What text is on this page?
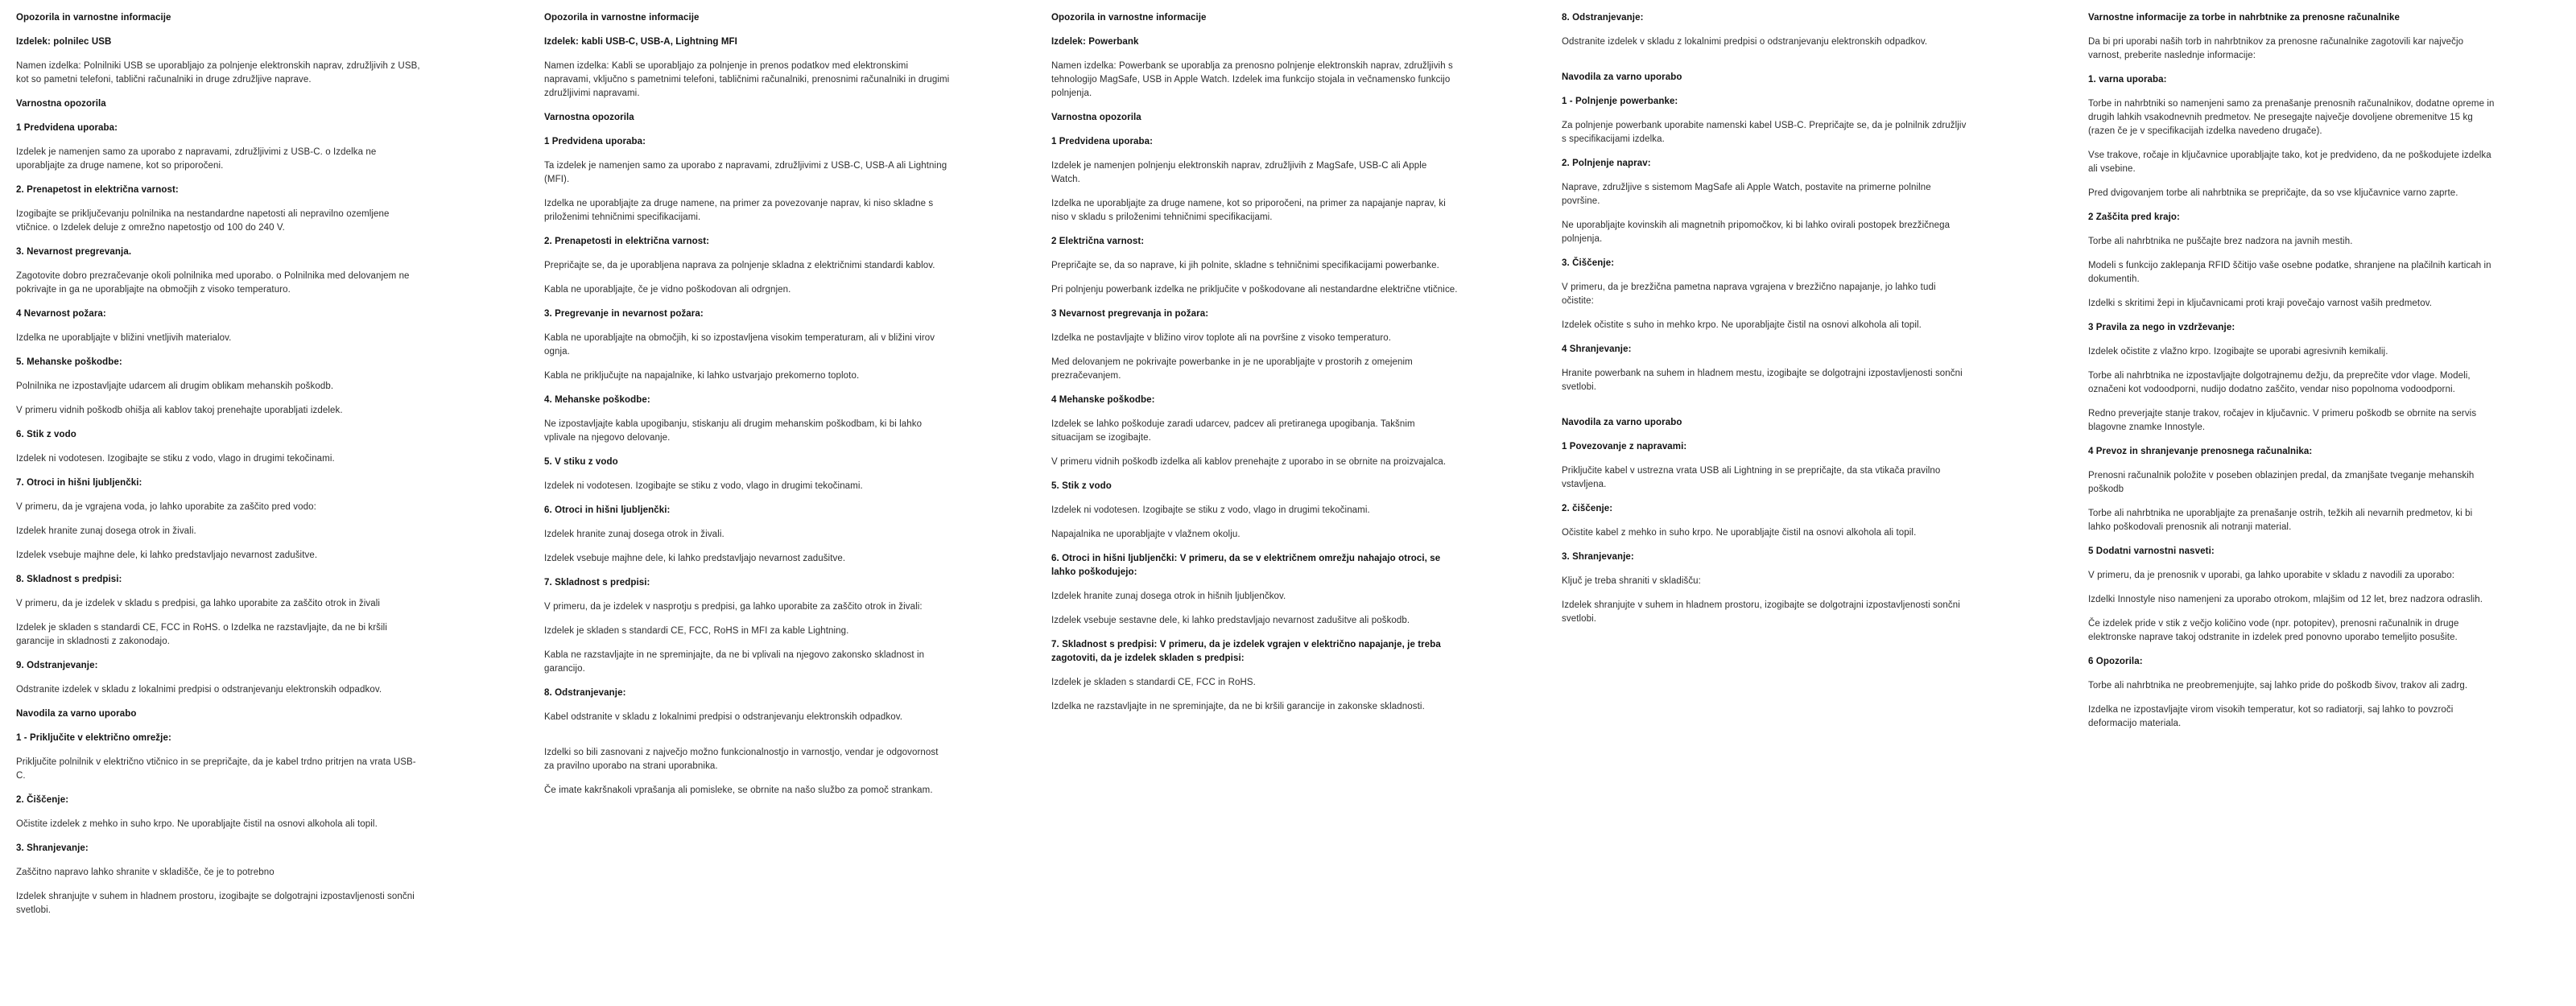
Opozorila in varnostne informacije

Izdelek: polnilec USB

Namen izdelka: Polnilniki USB se uporabljajo za polnjenje elektronskih naprav, združljivih z USB, kot so pametni telefoni, tablični računalniki in druge združljive naprave.

Varnostna opozorila

1 Predvidena uporaba:

Izdelek je namenjen samo za uporabo z napravami, združljivimi z USB-C. o Izdelka ne uporabljajte za druge namene, kot so priporočeni.

2. Prenapetost in električna varnost:

Izogibajte se priključevanju polnilnika na nestandardne napetosti ali nepravilno ozemljene vtičnice. o Izdelek deluje z omrežno napetostjo od 100 do 240 V.

3. Nevarnost pregrevanja.

Zagotovite dobro prezračevanje okoli polnilnika med uporabo. o Polnilnika med delovanjem ne pokrivajte in ga ne uporabljajte na območjih z visoko temperaturo.

4 Nevarnost požara:

Izdelka ne uporabljajte v bližini vnetljivih materialov.

5. Mehanske poškodbe:

Polnilnika ne izpostavljajte udarcem ali drugim oblikam mehanskih poškodb.

V primeru vidnih poškodb ohišja ali kablov takoj prenehajte uporabljati izdelek.

6. Stik z vodo

Izdelek ni vodotesen. Izogibajte se stiku z vodo, vlago in drugimi tekočinami.

7. Otroci in hišni ljubljenčki:

V primeru, da je vgrajena voda, jo lahko uporabite za zaščito pred vodo:

Izdelek hranite zunaj dosega otrok in živali.

Izdelek vsebuje majhne dele, ki lahko predstavljajo nevarnost zadušitve.

8. Skladnost s predpisi:

V primeru, da je izdelek v skladu s predpisi, ga lahko uporabite za zaščito otrok in živali

Izdelek je skladen s standardi CE, FCC in RoHS. o Izdelka ne razstavljajte, da ne bi kršili garancije in skladnosti z zakonodajo.

9. Odstranjevanje:

Odstranite izdelek v skladu z lokalnimi predpisi o odstranjevanju elektronskih odpadkov.

Navodila za varno uporabo

1 - Priključite v električno omrežje:

Priključite polnilnik v električno vtičnico in se prepričajte, da je kabel trdno pritrjen na vrata USB-C.

2. Čiščenje:

Očistite izdelek z mehko in suho krpo. Ne uporabljajte čistil na osnovi alkohola ali topil.

3. Shranjevanje:

Zaščitno napravo lahko shranite v skladišče, če je to potrebno

Izdelek shranjujte v suhem in hladnem prostoru, izogibajte se dolgotrajni izpostavljenosti sončni svetlobi.

Opozorila in varnostne informacije

Izdelek: kabli USB-C, USB-A, Lightning MFI

Namen izdelka: Kabli se uporabljajo za polnjenje in prenos podatkov med elektronskimi napravami, vključno s pametnimi telefoni, tabličnimi računalniki, prenosnimi računalniki in drugimi združljivimi napravami.

Varnostna opozorila

1 Predvidena uporaba:

Ta izdelek je namenjen samo za uporabo z napravami, združljivimi z USB-C, USB-A ali Lightning (MFI).

Izdelka ne uporabljajte za druge namene, na primer za povezovanje naprav, ki niso skladne s priloženimi tehničnimi specifikacijami.

2. Prenapetosti in električna varnost:

Prepričajte se, da je uporabljena naprava za polnjenje skladna z električnimi standardi kablov.

Kabla ne uporabljajte, če je vidno poškodovan ali odrgnjen.

3. Pregrevanje in nevarnost požara:

Kabla ne uporabljajte na območjih, ki so izpostavljena visokim temperaturam, ali v bližini virov ognja.

Kabla ne priključujte na napajalnike, ki lahko ustvarjajo prekomerno toploto.

4. Mehanske poškodbe:

Ne izpostavljajte kabla upogibanju, stiskanju ali drugim mehanskim poškodbam, ki bi lahko vplivale na njegovo delovanje.

5. V stiku z vodo

Izdelek ni vodotesen. Izogibajte se stiku z vodo, vlago in drugimi tekočinami.

6. Otroci in hišni ljubljenčki:

Izdelek hranite zunaj dosega otrok in živali.

Izdelek vsebuje majhne dele, ki lahko predstavljajo nevarnost zadušitve.

7. Skladnost s predpisi:

V primeru, da je izdelek v nasprotju s predpisi, ga lahko uporabite za zaščito otrok in živali:

Izdelek je skladen s standardi CE, FCC, RoHS in MFI za kable Lightning.

Kabla ne razstavljajte in ne spreminjajte, da ne bi vplivali na njegovo zakonsko skladnost in garancijo.

8. Odstranjevanje:

Kabel odstranite v skladu z lokalnimi predpisi o odstranjevanju elektronskih odpadkov.

Izdelki so bili zasnovani z največjo možno funkcionalnostjo in varnostjo, vendar je odgovornost za pravilno uporabo na strani uporabnika.

Če imate kakršnakoli vprašanja ali pomisleke, se obrnite na našo službo za pomoč strankam.

Opozorila in varnostne informacije

Izdelek: Powerbank

Namen izdelka: Powerbank se uporablja za prenosno polnjenje elektronskih naprav, združljivih s tehnologijo MagSafe, USB in Apple Watch. Izdelek ima funkcijo stojala in večnamensko funkcijo polnjenja.

Varnostna opozorila

1 Predvidena uporaba:

Izdelek je namenjen polnjenju elektronskih naprav, združljivih z MagSafe, USB-C ali Apple Watch.

Izdelka ne uporabljajte za druge namene, kot so priporočeni, na primer za napajanje naprav, ki niso v skladu s priloženimi tehničnimi specifikacijami.

2 Električna varnost:

Prepričajte se, da so naprave, ki jih polnite, skladne s tehničnimi specifikacijami powerbanke.

Pri polnjenju powerbank izdelka ne priključite v poškodovane ali nestandardne električne vtičnice.

3 Nevarnost pregrevanja in požara:

Izdelka ne postavljajte v bližino virov toplote ali na površine z visoko temperaturo.

Med delovanjem ne pokrivajte powerbanke in je ne uporabljajte v prostorih z omejenim prezračevanjem.

4 Mehanske poškodbe:

Izdelek se lahko poškoduje zaradi udarcev, padcev ali pretiranega upogibanja. Takšnim situacijam se izogibajte.

V primeru vidnih poškodb izdelka ali kablov prenehajte z uporabo in se obrnite na proizvajalca.

5. Stik z vodo

Izdelek ni vodotesen. Izogibajte se stiku z vodo, vlago in drugimi tekočinami.

Napajalnika ne uporabljajte v vlažnem okolju.

6. Otroci in hišni ljubljenčki: V primeru, da se v električnem omrežju nahajajo otroci, se lahko poškodujejo:

Izdelek hranite zunaj dosega otrok in hišnih ljubljenčkov.

Izdelek vsebuje sestavne dele, ki lahko predstavljajo nevarnost zadušitve ali poškodb.

7. Skladnost s predpisi: V primeru, da je izdelek vgrajen v električno napajanje, je treba zagotoviti, da je izdelek skladen s predpisi:

Izdelek je skladen s standardi CE, FCC in RoHS.

Izdelka ne razstavljajte in ne spreminjajte, da ne bi kršili garancije in zakonske skladnosti.

8. Odstranjevanje:

Odstranite izdelek v skladu z lokalnimi predpisi o odstranjevanju elektronskih odpadkov.

Navodila za varno uporabo

1 - Polnjenje powerbanke:

Za polnjenje powerbank uporabite namenski kabel USB-C. Prepričajte se, da je polnilnik združljiv s specifikacijami izdelka.

2. Polnjenje naprav:

Naprave, združljive s sistemom MagSafe ali Apple Watch, postavite na primerne polnilne površine.

Ne uporabljajte kovinskih ali magnetnih pripomočkov, ki bi lahko ovirali postopek brezžičnega polnjenja.

3. Čiščenje:

V primeru, da je brezžična pametna naprava vgrajena v brezžično napajanje, jo lahko tudi očistite:

Izdelek očistite s suho in mehko krpo. Ne uporabljajte čistil na osnovi alkohola ali topil.

4 Shranjevanje:

Hranite powerbank na suhem in hladnem mestu, izogibajte se dolgotrajni izpostavljenosti sončni svetlobi.

Navodila za varno uporabo

1 Povezovanje z napravami:

Priključite kabel v ustrezna vrata USB ali Lightning in se prepričajte, da sta vtikača pravilno vstavljena.

2. čiščenje:

Očistite kabel z mehko in suho krpo. Ne uporabljajte čistil na osnovi alkohola ali topil.

3. Shranjevanje:

Ključ je treba shraniti v skladišču:

Izdelek shranjujte v suhem in hladnem prostoru, izogibajte se dolgotrajni izpostavljenosti sončni svetlobi.

Varnostne informacije za torbe in nahrbtnike za prenosne računalnike

Da bi pri uporabi naših torb in nahrbtnikov za prenosne računalnike zagotovili kar največjo varnost, preberite naslednje informacije:

1. varna uporaba:

Torbe in nahrbtniki so namenjeni samo za prenašanje prenosnih računalnikov, dodatne opreme in drugih lahkih vsakodnevnih predmetov. Ne presegajte največje dovoljene obremenitve 15 kg (razen če je v specifikacijah izdelka navedeno drugače).

Vse trakove, ročaje in ključavnice uporabljajte tako, kot je predvideno, da ne poškodujete izdelka ali vsebine.

Pred dvigovanjem torbe ali nahrbtnika se prepričajte, da so vse ključavnice varno zaprte.

2 Zaščita pred krajo:

Torbe ali nahrbtnika ne puščajte brez nadzora na javnih mestih.

Modeli s funkcijo zaklepanja RFID ščitijo vaše osebne podatke, shranjene na plačilnih karticah in dokumentih.

Izdelki s skritimi žepi in ključavnicami proti kraji povečajo varnost vaših predmetov.

3 Pravila za nego in vzdrževanje:

Izdelek očistite z vlažno krpo. Izogibajte se uporabi agresivnih kemikalij.

Torbe ali nahrbtnika ne izpostavljajte dolgotrajnemu dežju, da preprečite vdor vlage. Modeli, označeni kot vodoodporni, nudijo dodatno zaščito, vendar niso popolnoma vodoodporni.

Redno preverjajte stanje trakov, ročajev in ključavnic. V primeru poškodb se obrnite na servis blagovne znamke Innostyle.

4 Prevoz in shranjevanje prenosnega računalnika:

Prenosni računalnik položite v poseben oblazinjen predal, da zmanjšate tveganje mehanskih poškodb

Torbe ali nahrbtnika ne uporabljajte za prenašanje ostrih, težkih ali nevarnih predmetov, ki bi lahko poškodovali prenosnik ali notranji material.

5 Dodatni varnostni nasveti:

V primeru, da je prenosnik v uporabi, ga lahko uporabite v skladu z navodili za uporabo:

Izdelki Innostyle niso namenjeni za uporabo otrokom, mlajšim od 12 let, brez nadzora odraslih.

Če izdelek pride v stik z večjo količino vode (npr. potopitev), prenosni računalnik in druge elektronske naprave takoj odstranite in izdelek pred ponovno uporabo temeljito posušite.

6 Opozorila:

Torbe ali nahrbtnika ne preobremenjujte, saj lahko pride do poškodb šivov, trakov ali zadrg.

Izdelka ne izpostavljajte virom visokih temperatur, kot so radiatorji, saj lahko to povzroči deformacijo materiala.
